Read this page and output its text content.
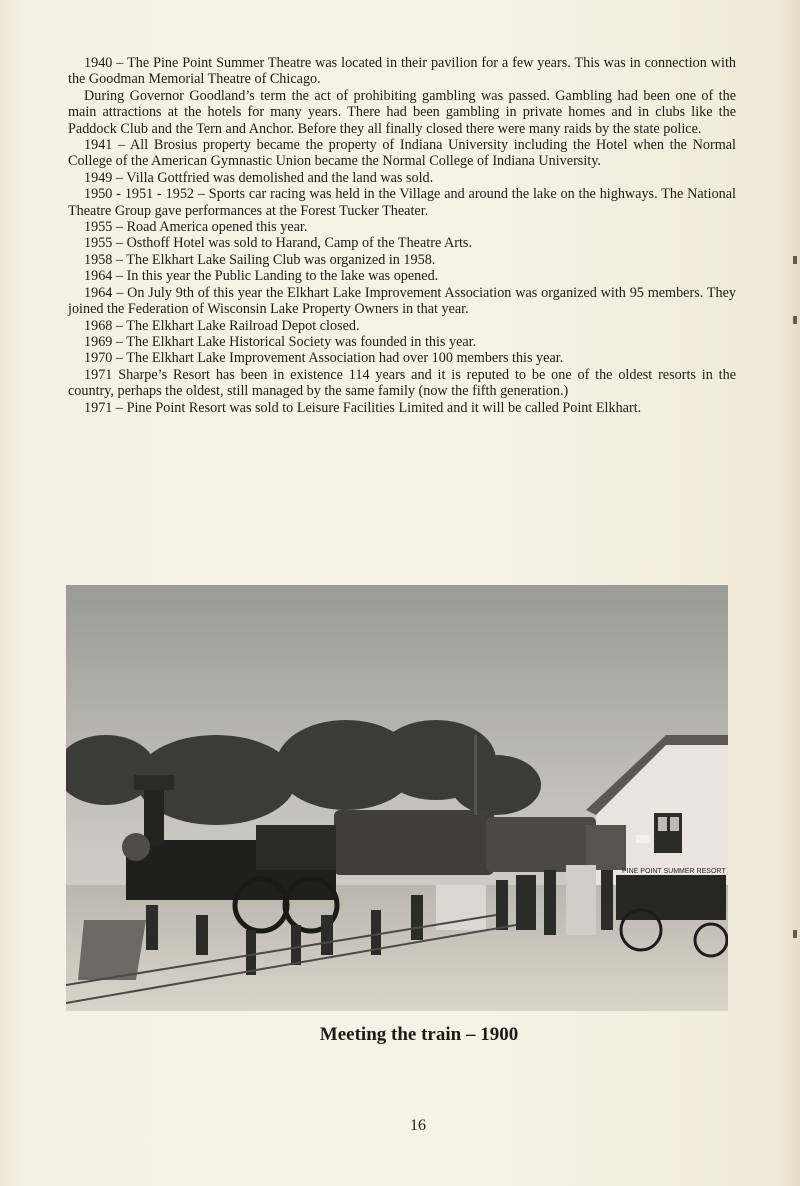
1940 – The Pine Point Summer Theatre was located in their pavilion for a few years. This was in connection with the Goodman Memorial Theatre of Chicago.

During Governor Goodland’s term the act of prohibiting gambling was passed. Gambling had been one of the main attractions at the hotels for many years. There had been gambling in private homes and in clubs like the Paddock Club and the Tern and Anchor. Before they all finally closed there were many raids by the state police.

1941 – All Brosius property became the property of Indiana University including the Hotel when the Normal College of the American Gymnastic Union became the Normal College of Indiana University.

1949 – Villa Gottfried was demolished and the land was sold.

1950 - 1951 - 1952 – Sports car racing was held in the Village and around the lake on the highways. The National Theatre Group gave performances at the Forest Tucker Theater.

1955 – Road America opened this year.

1955 – Osthoff Hotel was sold to Harand, Camp of the Theatre Arts.

1958 – The Elkhart Lake Sailing Club was organized in 1958.

1964 – In this year the Public Landing to the lake was opened.

1964 – On July 9th of this year the Elkhart Lake Improvement Association was organized with 95 members. They joined the Federation of Wisconsin Lake Property Owners in that year.

1968 – The Elkhart Lake Railroad Depot closed.

1969 – The Elkhart Lake Historical Society was founded in this year.

1970 – The Elkhart Lake Improvement Association had over 100 members this year.

1971 Sharpe’s Resort has been in existence 114 years and it is reputed to be one of the oldest resorts in the country, perhaps the oldest, still managed by the same family (now the fifth generation.)

1971 – Pine Point Resort was sold to Leisure Facilities Limited and it will be called Point Elkhart.

PINE POINT SUMMER RESORT
Meeting the train – 1900
16
